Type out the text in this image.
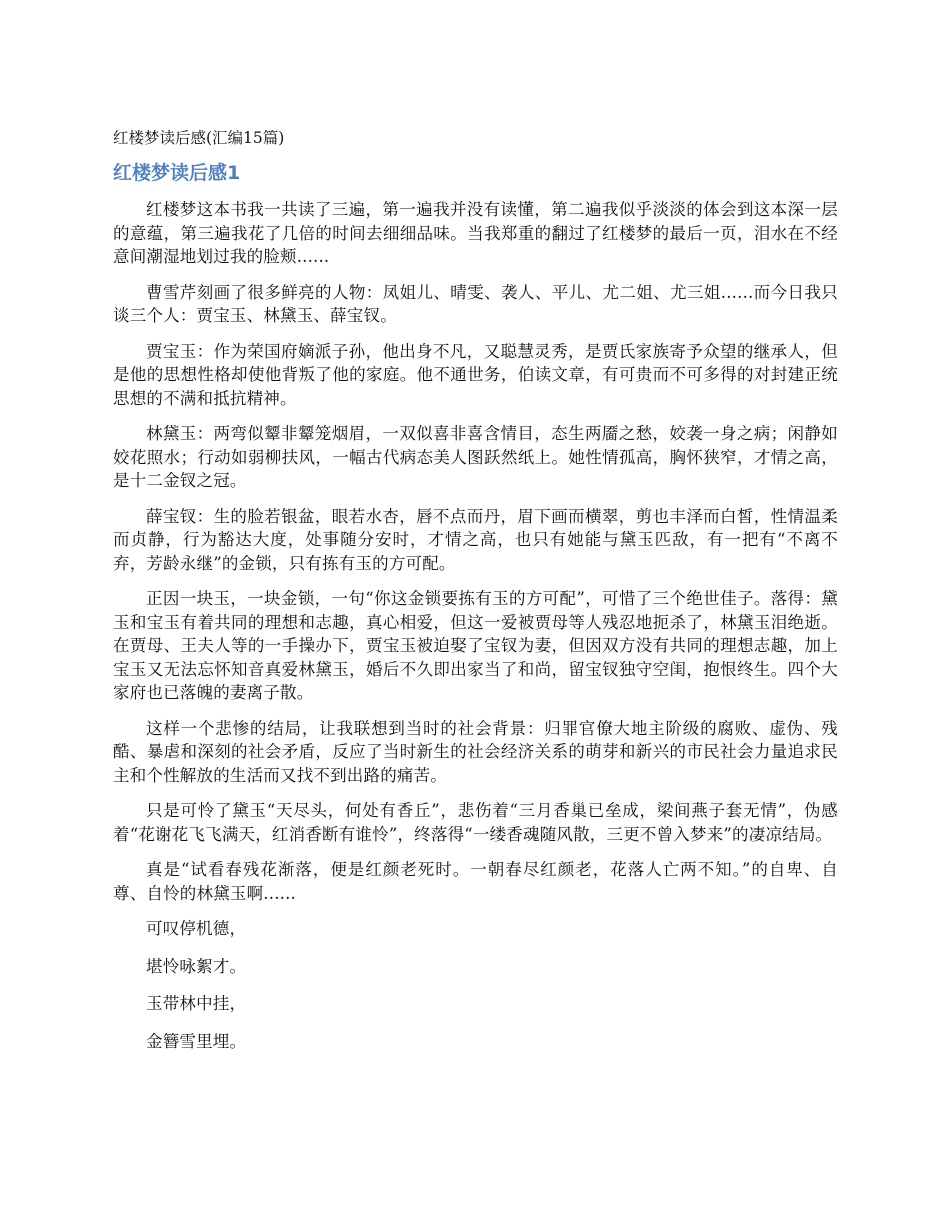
红楼梦读后感(汇编15篇)
红楼梦读后感1

红楼梦这本书我一共读了三遍，第一遍我并没有读懂，第二遍我似乎淡淡的体会到这本深一层的意蕴，第三遍我花了几倍的时间去细细品味。当我郑重的翻过了红楼梦的最后一页，泪水在不经意间潮湿地划过我的脸颊......

曹雪芹刻画了很多鲜亮的人物：凤姐儿、晴雯、袭人、平儿、尤二姐、尤三姐......而今日我只谈三个人：贾宝玉、林黛玉、薛宝钗。

贾宝玉：作为荣国府嫡派子孙，他出身不凡，又聪慧灵秀，是贾氏家族寄予众望的继承人，但是他的思想性格却使他背叛了他的家庭。他不通世务，伯读文章，有可贵而不可多得的对封建正统思想的不满和抵抗精神。

林黛玉：两弯似颦非颦笼烟眉，一双似喜非喜含情目，态生两靥之愁，姣袭一身之病；闲静如姣花照水；行动如弱柳扶风，一幅古代病态美人图跃然纸上。她性情孤高，胸怀狭窄，才情之高，是十二金钗之冠。

薛宝钗：生的脸若银盆，眼若水杏，唇不点而丹，眉下画而横翠，剪也丰泽而白皙，性情温柔而贞静，行为豁达大度，处事随分安时，才情之高，也只有她能与黛玉匹敌，有一把有“不离不弃，芳龄永继”的金锁，只有拣有玉的方可配。

正因一块玉，一块金锁，一句“你这金锁要拣有玉的方可配”，可惜了三个绝世佳子。落得：黛玉和宝玉有着共同的理想和志趣，真心相爱，但这一爱被贾母等人残忍地扼杀了，林黛玉泪绝逝。在贾母、王夫人等的一手操办下，贾宝玉被迫娶了宝钗为妻，但因双方没有共同的理想志趣，加上宝玉又无法忘怀知音真爱林黛玉，婚后不久即出家当了和尚，留宝钗独守空闺，抱恨终生。四个大家府也已落魄的妻离子散。

这样一个悲惨的结局，让我联想到当时的社会背景：归罪官僚大地主阶级的腐败、虚伪、残酷、暴虐和深刻的社会矛盾，反应了当时新生的社会经济关系的萌芽和新兴的市民社会力量追求民主和个性解放的生活而又找不到出路的痛苦。

只是可怜了黛玉“天尽头，何处有香丘”，悲伤着“三月香巢已垒成，梁间燕子套无情”，伪感着“花谢花飞飞满天，红消香断有谁怜”，终落得“一缕香魂随风散，三更不曾入梦来”的凄凉结局。

真是“试看春残花渐落，便是红颜老死时。一朝春尽红颜老，花落人亡两不知。”的自卑、自尊、自怜的林黛玉啊......

可叹停机德，

堪怜咏絮才。

玉带林中挂，

金簪雪里埋。
